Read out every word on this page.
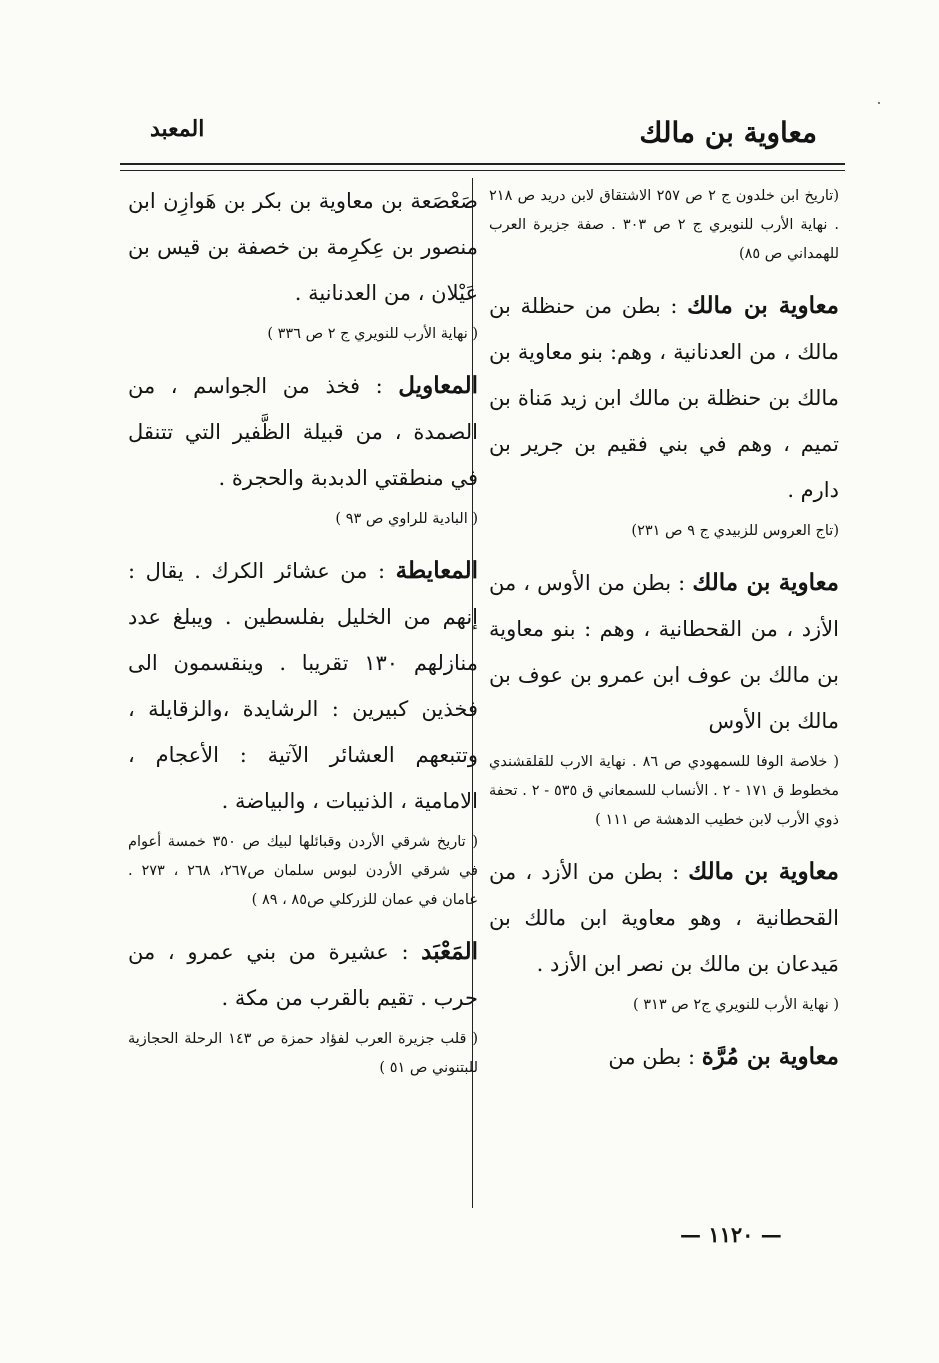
معاوية بن مالك
المعبد

(تاريخ ابن خلدون ج ٢ ص ٢٥٧ الاشتقاق لابن دريد ص ٢١٨ . نهاية الأرب للنويري ج ٢ ص ٣٠٣ . صفة جزيرة العرب للهمداني ص ٨٥)

معاوية بن مالك : بطن من حنظلة بن مالك ، من العدنانية ، وهم: بنو معاوية بن مالك بن حنظلة بن مالك ابن زيد مَناة بن تميم ، وهم في بني فقيم بن جرير بن دارم .

(تاج العروس للزبيدي ج ٩ ص ٢٣١)

معاوية بن مالك : بطن من الأوس ، من الأزد ، من القحطانية ، وهم : بنو معاوية بن مالك بن عوف ابن عمرو بن عوف بن مالك بن الأوس

( خلاصة الوفا للسمهودي ص ٨٦ . نهاية الارب للقلقشندي مخطوط ق ١٧١ - ٢ . الأنساب للسمعاني ق ٥٣٥ - ٢ . تحفة ذوي الأرب لابن خطيب الدهشة ص ١١١ )

معاوية بن مالك : بطن من الأزد ، من القحطانية ، وهو معاوية ابن مالك بن مَيدعان بن مالك بن نصر ابن الأزد .

( نهاية الأرب للنويري ج٢ ص ٣١٣ )

معاوية بن مُرَّة : بطن من

صَعْصَعة بن معاوية بن بكر بن هَوازِن ابن منصور بن عِكرِمة بن خصفة بن قيس بن عَيْلان ، من العدنانية .

( نهاية الأرب للنويري ج ٢ ص ٣٣٦ )

المعاويل : فخذ من الجواسم ، من الصمدة ، من قبيلة الظَّفير التي تتنقل في منطقتي الدبدبة والحجرة .

( البادية للراوي ص ٩٣ )

المعايطة : من عشائر الكرك . يقال : إنهم من الخليل بفلسطين . ويبلغ عدد منازلهم ١٣٠ تقريبا . وينقسمون الى فخذين كبيرين : الرشايدة ،والزقايلة ، وتتبعهم العشائر الآتية : الأعجام ، الامامية ، الذنيبات ، والبياضة .

( تاريخ شرقي الأردن وقبائلها لبيك ص ٣٥٠ خمسة أعوام في شرقي الأردن لبوس سلمان ص٢٦٧، ٢٦٨ ، ٢٧٣ . عامان في عمان للزركلي ص٨٥ ، ٨٩ )

المَعْبَد : عشيرة من بني عمرو ، من حرب . تقيم بالقرب من مكة .

( قلب جزيرة العرب لفؤاد حمزة ص ١٤٣ الرحلة الحجازية للبتنوني ص ٥١ )

— ١١٢٠ —
